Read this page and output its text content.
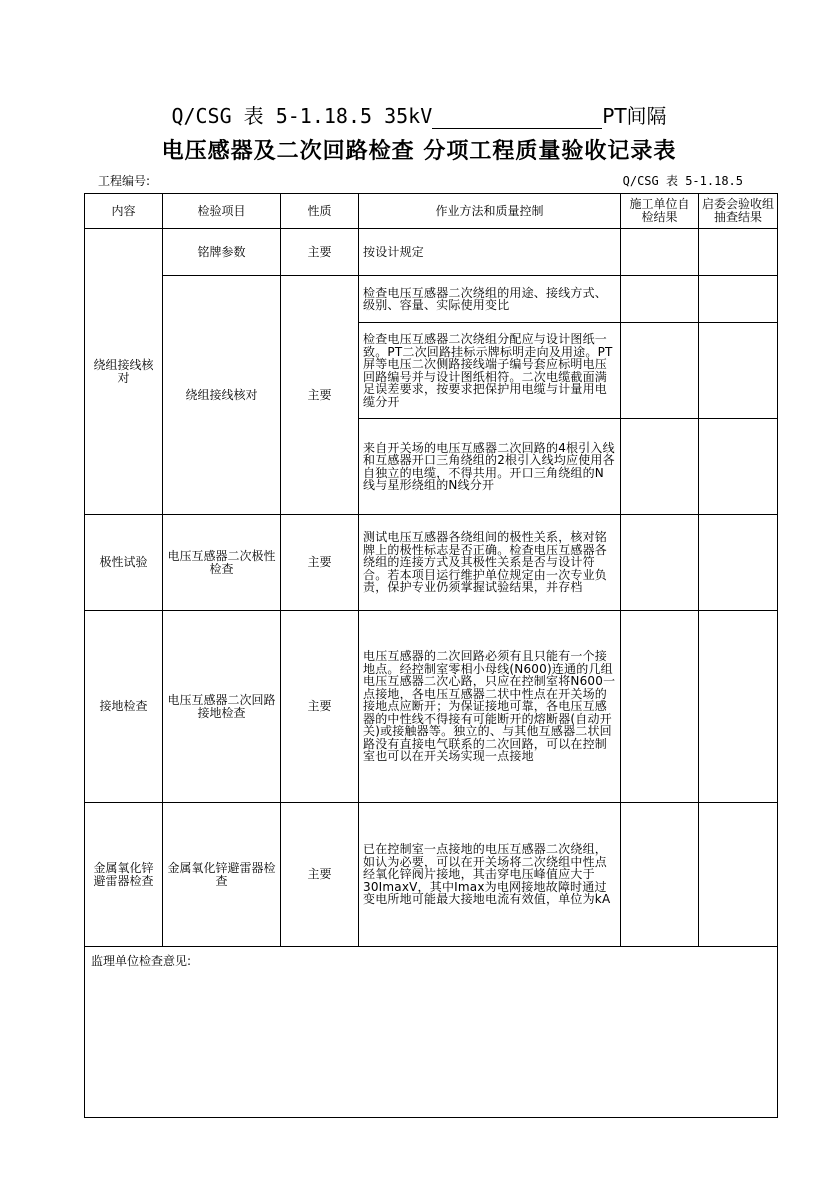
Q/CSG 表 5-1.18.5 35kV	PT间隔
电压感器及二次回路检查 分项工程质量验收记录表
工程编号:	Q/CSG 表 5-1.18.5
内容	检验项目	性质	作业方法和质量控制	施工单位自检结果	启委会验收组抽查结果
绕组接线核对	铭牌参数	主要	按设计规定		
	绕组接线核对	主要	检查电压互感器二次绕组的用途、接线方式、级别、容量、实际使用变比		
			检查电压互感器二次绕组分配应与设计图纸一致。PT二次回路挂标示牌标明走向及用途。PT屏等电压二次侧路接线端子编号套应标明电压回路编号并与设计图纸相符。二次电缆截面满足误差要求，按要求把保护用电缆与计量用电缆分开		
			来自开关场的电压互感器二次回路的4根引入线和互感器开口三角绕组的2根引入线均应使用各自独立的电缆，不得共用。开口三角绕组的N线与星形绕组的N线分开		
极性试验	电压互感器二次极性检查	主要	测试电压互感器各绕组间的极性关系，核对铭牌上的极性标志是否正确。检查电压互感器各绕组的连接方式及其极性关系是否与设计符合。若本项目运行维护单位规定由一次专业负责，保护专业仍须掌握试验结果，并存档		
接地检查	电压互感器二次回路接地检查	主要	电压互感器的二次回路必须有且只能有一个接地点。经控制室零相小母线(N600)连通的几组电压互感器二次心路，只应在控制室将N600一点接地，各电压互感器二状中性点在开关场的接地点应断开；为保证接地可靠，各电压互感器的中性线不得接有可能断开的熔断器(自动开关)或接触器等。独立的、与其他互感器二状回路没有直接电气联系的二次回路，可以在控制室也可以在开关场实现一点接地		
金属氧化锌避雷器检查	金属氧化锌避雷器检查	主要	已在控制室一点接地的电压互感器二次绕组，如认为必要，可以在开关场将二次绕组中性点经氧化锌阀片接地，其击穿电压峰值应大于30ImaxV，其中Imax为电网接地故障时通过变电所地可能最大接地电流有效值，单位为kA		
监理单位检查意见:					
